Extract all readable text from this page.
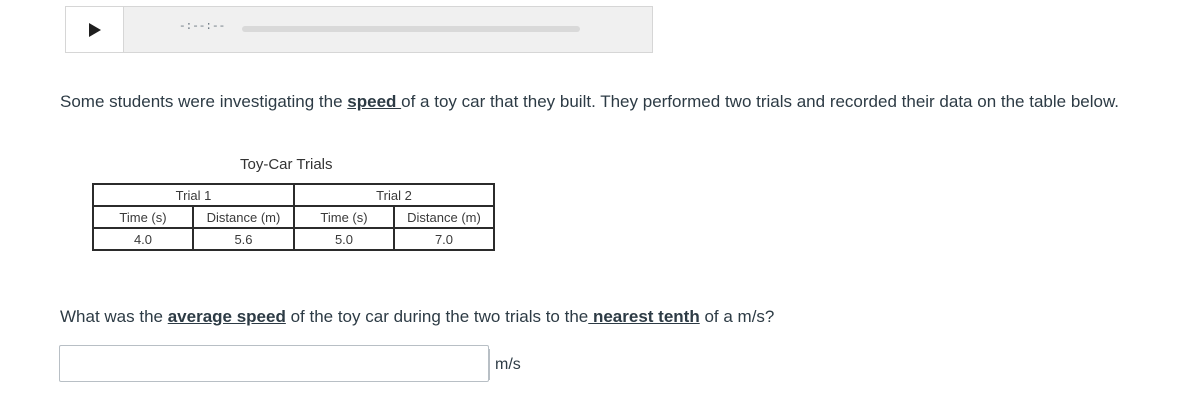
-:--:--
Some students were investigating the speed of a toy car that they built. They performed two trials and recorded their data on the table below.
Toy-Car Trials
Trial 1		Trial 2	
Time (s)	Distance (m)	Time (s)	Distance (m)
4.0	5.6	5.0	7.0
What was the average speed of the toy car during the two trials to the nearest tenth of a m/s?
m/s
